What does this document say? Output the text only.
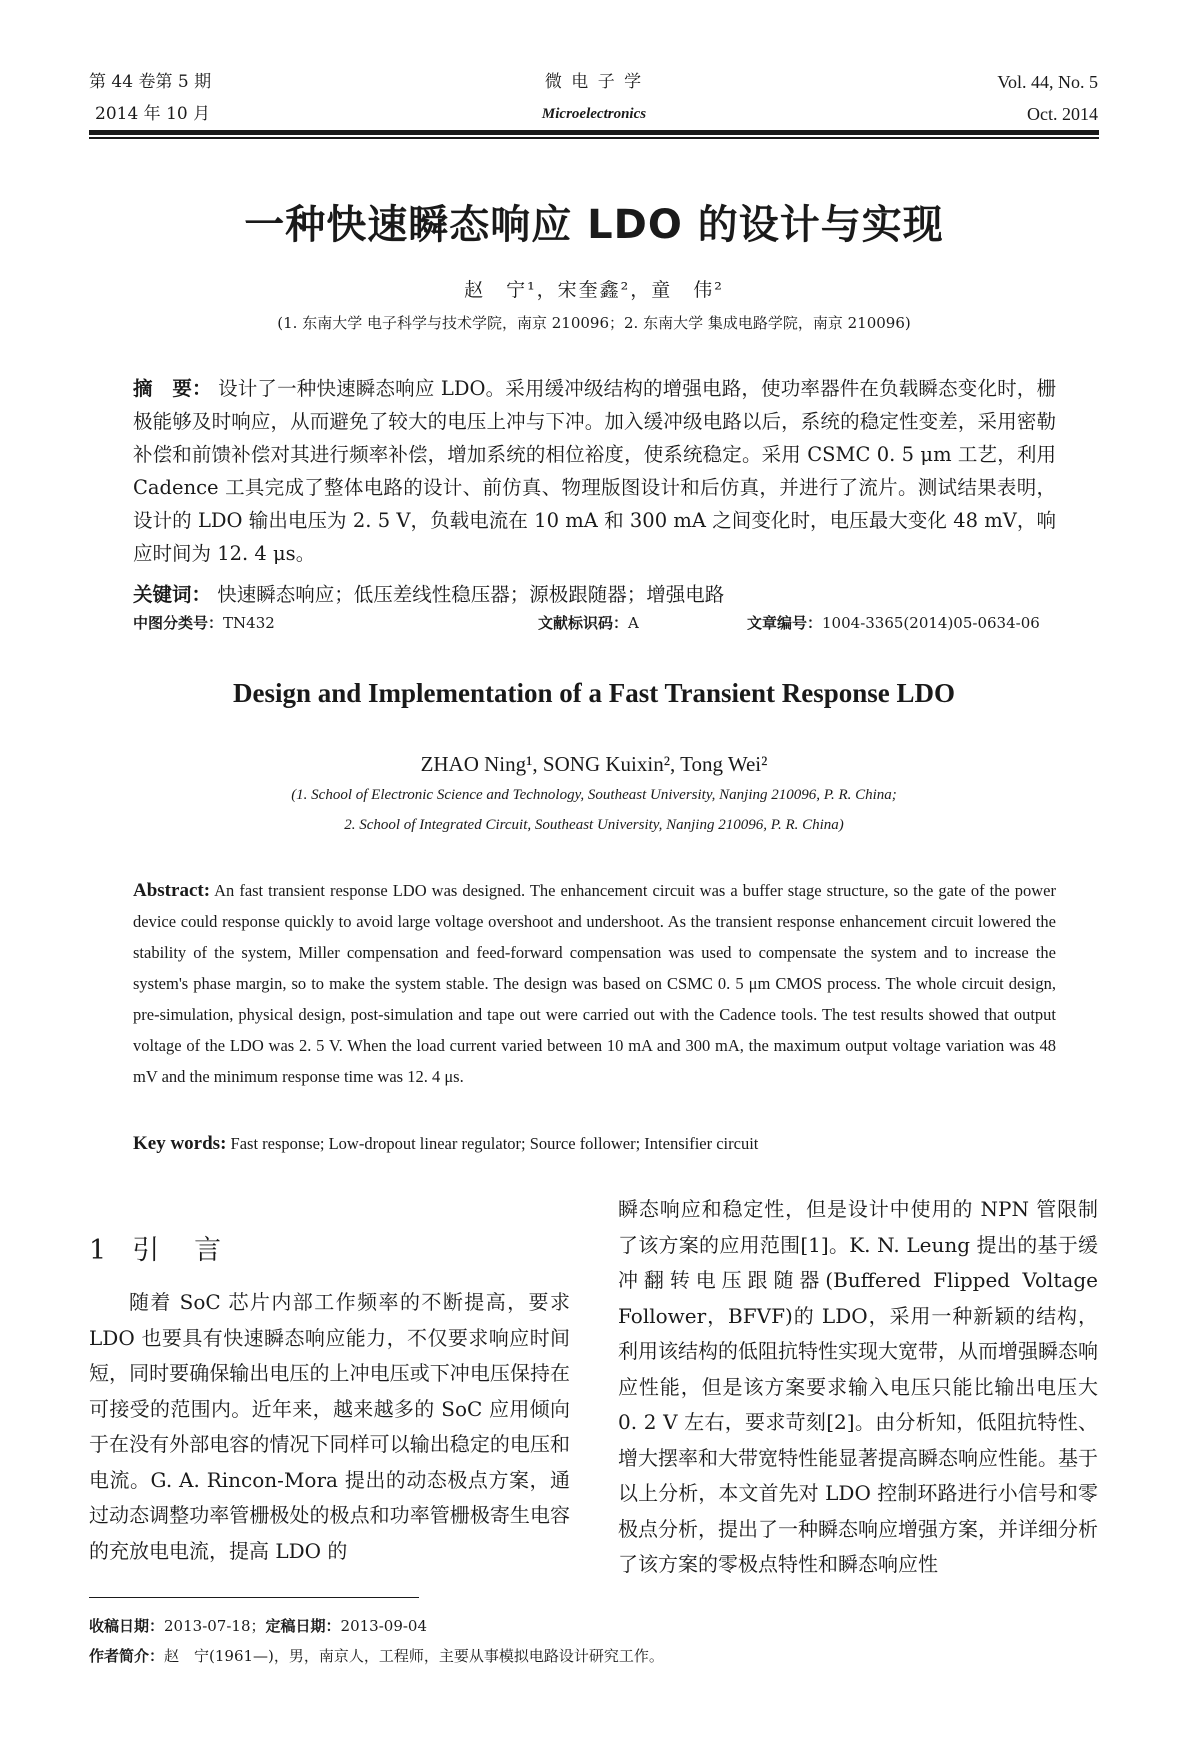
第 44 卷第 5 期
2014 年 10 月
微 电 子 学
Microelectronics
Vol. 44, No. 5
Oct. 2014
一种快速瞬态响应 LDO 的设计与实现
赵　宁¹，宋奎鑫²，童　伟²
(1. 东南大学 电子科学与技术学院，南京 210096；2. 东南大学 集成电路学院，南京 210096)
摘　要： 设计了一种快速瞬态响应 LDO。采用缓冲级结构的增强电路，使功率器件在负载瞬态变化时，栅极能够及时响应，从而避免了较大的电压上冲与下冲。加入缓冲级电路以后，系统的稳定性变差，采用密勒补偿和前馈补偿对其进行频率补偿，增加系统的相位裕度，使系统稳定。采用 CSMC 0. 5 μm 工艺，利用 Cadence 工具完成了整体电路的设计、前仿真、物理版图设计和后仿真，并进行了流片。测试结果表明，设计的 LDO 输出电压为 2. 5 V，负载电流在 10 mA 和 300 mA 之间变化时，电压最大变化 48 mV，响应时间为 12. 4 μs。
关键词： 快速瞬态响应；低压差线性稳压器；源极跟随器；增强电路
中图分类号：TN432	文献标识码：A	文章编号：1004-3365(2014)05-0634-06
Design and Implementation of a Fast Transient Response LDO
ZHAO Ning¹, SONG Kuixin², Tong Wei²
(1. School of Electronic Science and Technology, Southeast University, Nanjing 210096, P. R. China;
2. School of Integrated Circuit, Southeast University, Nanjing 210096, P. R. China)
Abstract: An fast transient response LDO was designed. The enhancement circuit was a buffer stage structure, so the gate of the power device could response quickly to avoid large voltage overshoot and undershoot. As the transient response enhancement circuit lowered the stability of the system, Miller compensation and feed-forward compensation was used to compensate the system and to increase the system's phase margin, so to make the system stable. The design was based on CSMC 0. 5 μm CMOS process. The whole circuit design, pre-simulation, physical design, post-simulation and tape out were carried out with the Cadence tools. The test results showed that output voltage of the LDO was 2. 5 V. When the load current varied between 10 mA and 300 mA, the maximum output voltage variation was 48 mV and the minimum response time was 12. 4 μs.
Key words: Fast response; Low-dropout linear regulator; Source follower; Intensifier circuit
1 引　言
随着 SoC 芯片内部工作频率的不断提高，要求 LDO 也要具有快速瞬态响应能力，不仅要求响应时间短，同时要确保输出电压的上冲电压或下冲电压保持在可接受的范围内。近年来，越来越多的 SoC 应用倾向于在没有外部电容的情况下同样可以输出稳定的电压和电流。G. A. Rincon-Mora 提出的动态极点方案，通过动态调整功率管栅极处的极点和功率管栅极寄生电容的充放电电流，提高 LDO 的
瞬态响应和稳定性，但是设计中使用的 NPN 管限制了该方案的应用范围[1]。K. N. Leung 提出的基于缓冲翻转电压跟随器(Buffered Flipped Voltage Follower，BFVF)的 LDO，采用一种新颖的结构，利用该结构的低阻抗特性实现大宽带，从而增强瞬态响应性能，但是该方案要求输入电压只能比输出电压大 0. 2 V 左右，要求苛刻[2]。由分析知，低阻抗特性、增大摆率和大带宽特性能显著提高瞬态响应性能。基于以上分析，本文首先对 LDO 控制环路进行小信号和零极点分析，提出了一种瞬态响应增强方案，并详细分析了该方案的零极点特性和瞬态响应性
收稿日期：2013-07-18；定稿日期：2013-09-04
作者简介：赵　宁(1961—)，男，南京人，工程师，主要从事模拟电路设计研究工作。
